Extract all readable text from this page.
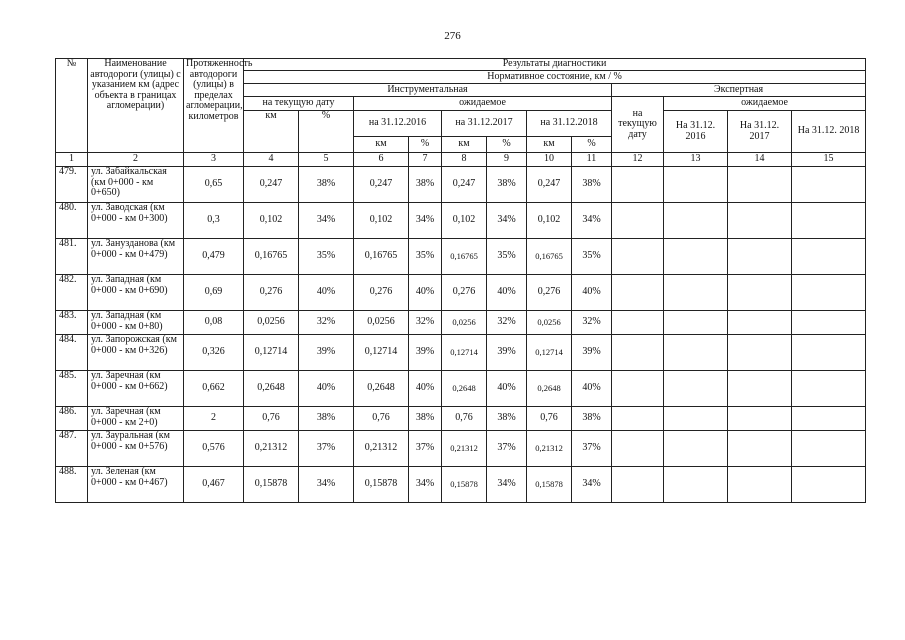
276
№	Наименование автодороги (улицы) с указанием км (адрес объекта в границах агломерации)	Протяженность автодороги (улицы) в пределах агломерации, километров	Результаты диагностики											
			Нормативное состояние, км / %											
			Инструментальная								Экспертная			
			на текущую дату		ожидаемое						на текущую дату	ожидаемое		
			км	%	на 31.12.2016		на 31.12.2017		на 31.12.2018			На 31.12. 2016	На 31.12. 2017	На 31.12. 2018
					км	%	км	%	км	%				
1	2	3	4	5	6	7	8	9	10	11	12	13	14	15
479.	ул. Забайкальская (км 0+000 - км 0+650)	0,65	0,247	38%	0,247	38%	0,247	38%	0,247	38%				
480.	ул. Заводская (км 0+000 - км 0+300)	0,3	0,102	34%	0,102	34%	0,102	34%	0,102	34%				
481.	ул. Занузданова (км 0+000 - км 0+479)	0,479	0,16765	35%	0,16765	35%	0,16765	35%	0,16765	35%				
482.	ул. Западная (км 0+000 - км 0+690)	0,69	0,276	40%	0,276	40%	0,276	40%	0,276	40%				
483.	ул. Западная (км 0+000 - км 0+80)	0,08	0,0256	32%	0,0256	32%	0,0256	32%	0,0256	32%				
484.	ул. Запорожская (км 0+000 - км 0+326)	0,326	0,12714	39%	0,12714	39%	0,12714	39%	0,12714	39%				
485.	ул. Заречная (км 0+000 - км 0+662)	0,662	0,2648	40%	0,2648	40%	0,2648	40%	0,2648	40%				
486.	ул. Заречная (км 0+000 - км 2+0)	2	0,76	38%	0,76	38%	0,76	38%	0,76	38%				
487.	ул. Зауральная (км 0+000 - км 0+576)	0,576	0,21312	37%	0,21312	37%	0,21312	37%	0,21312	37%				
488.	ул. Зеленая (км 0+000 - км 0+467)	0,467	0,15878	34%	0,15878	34%	0,15878	34%	0,15878	34%				
